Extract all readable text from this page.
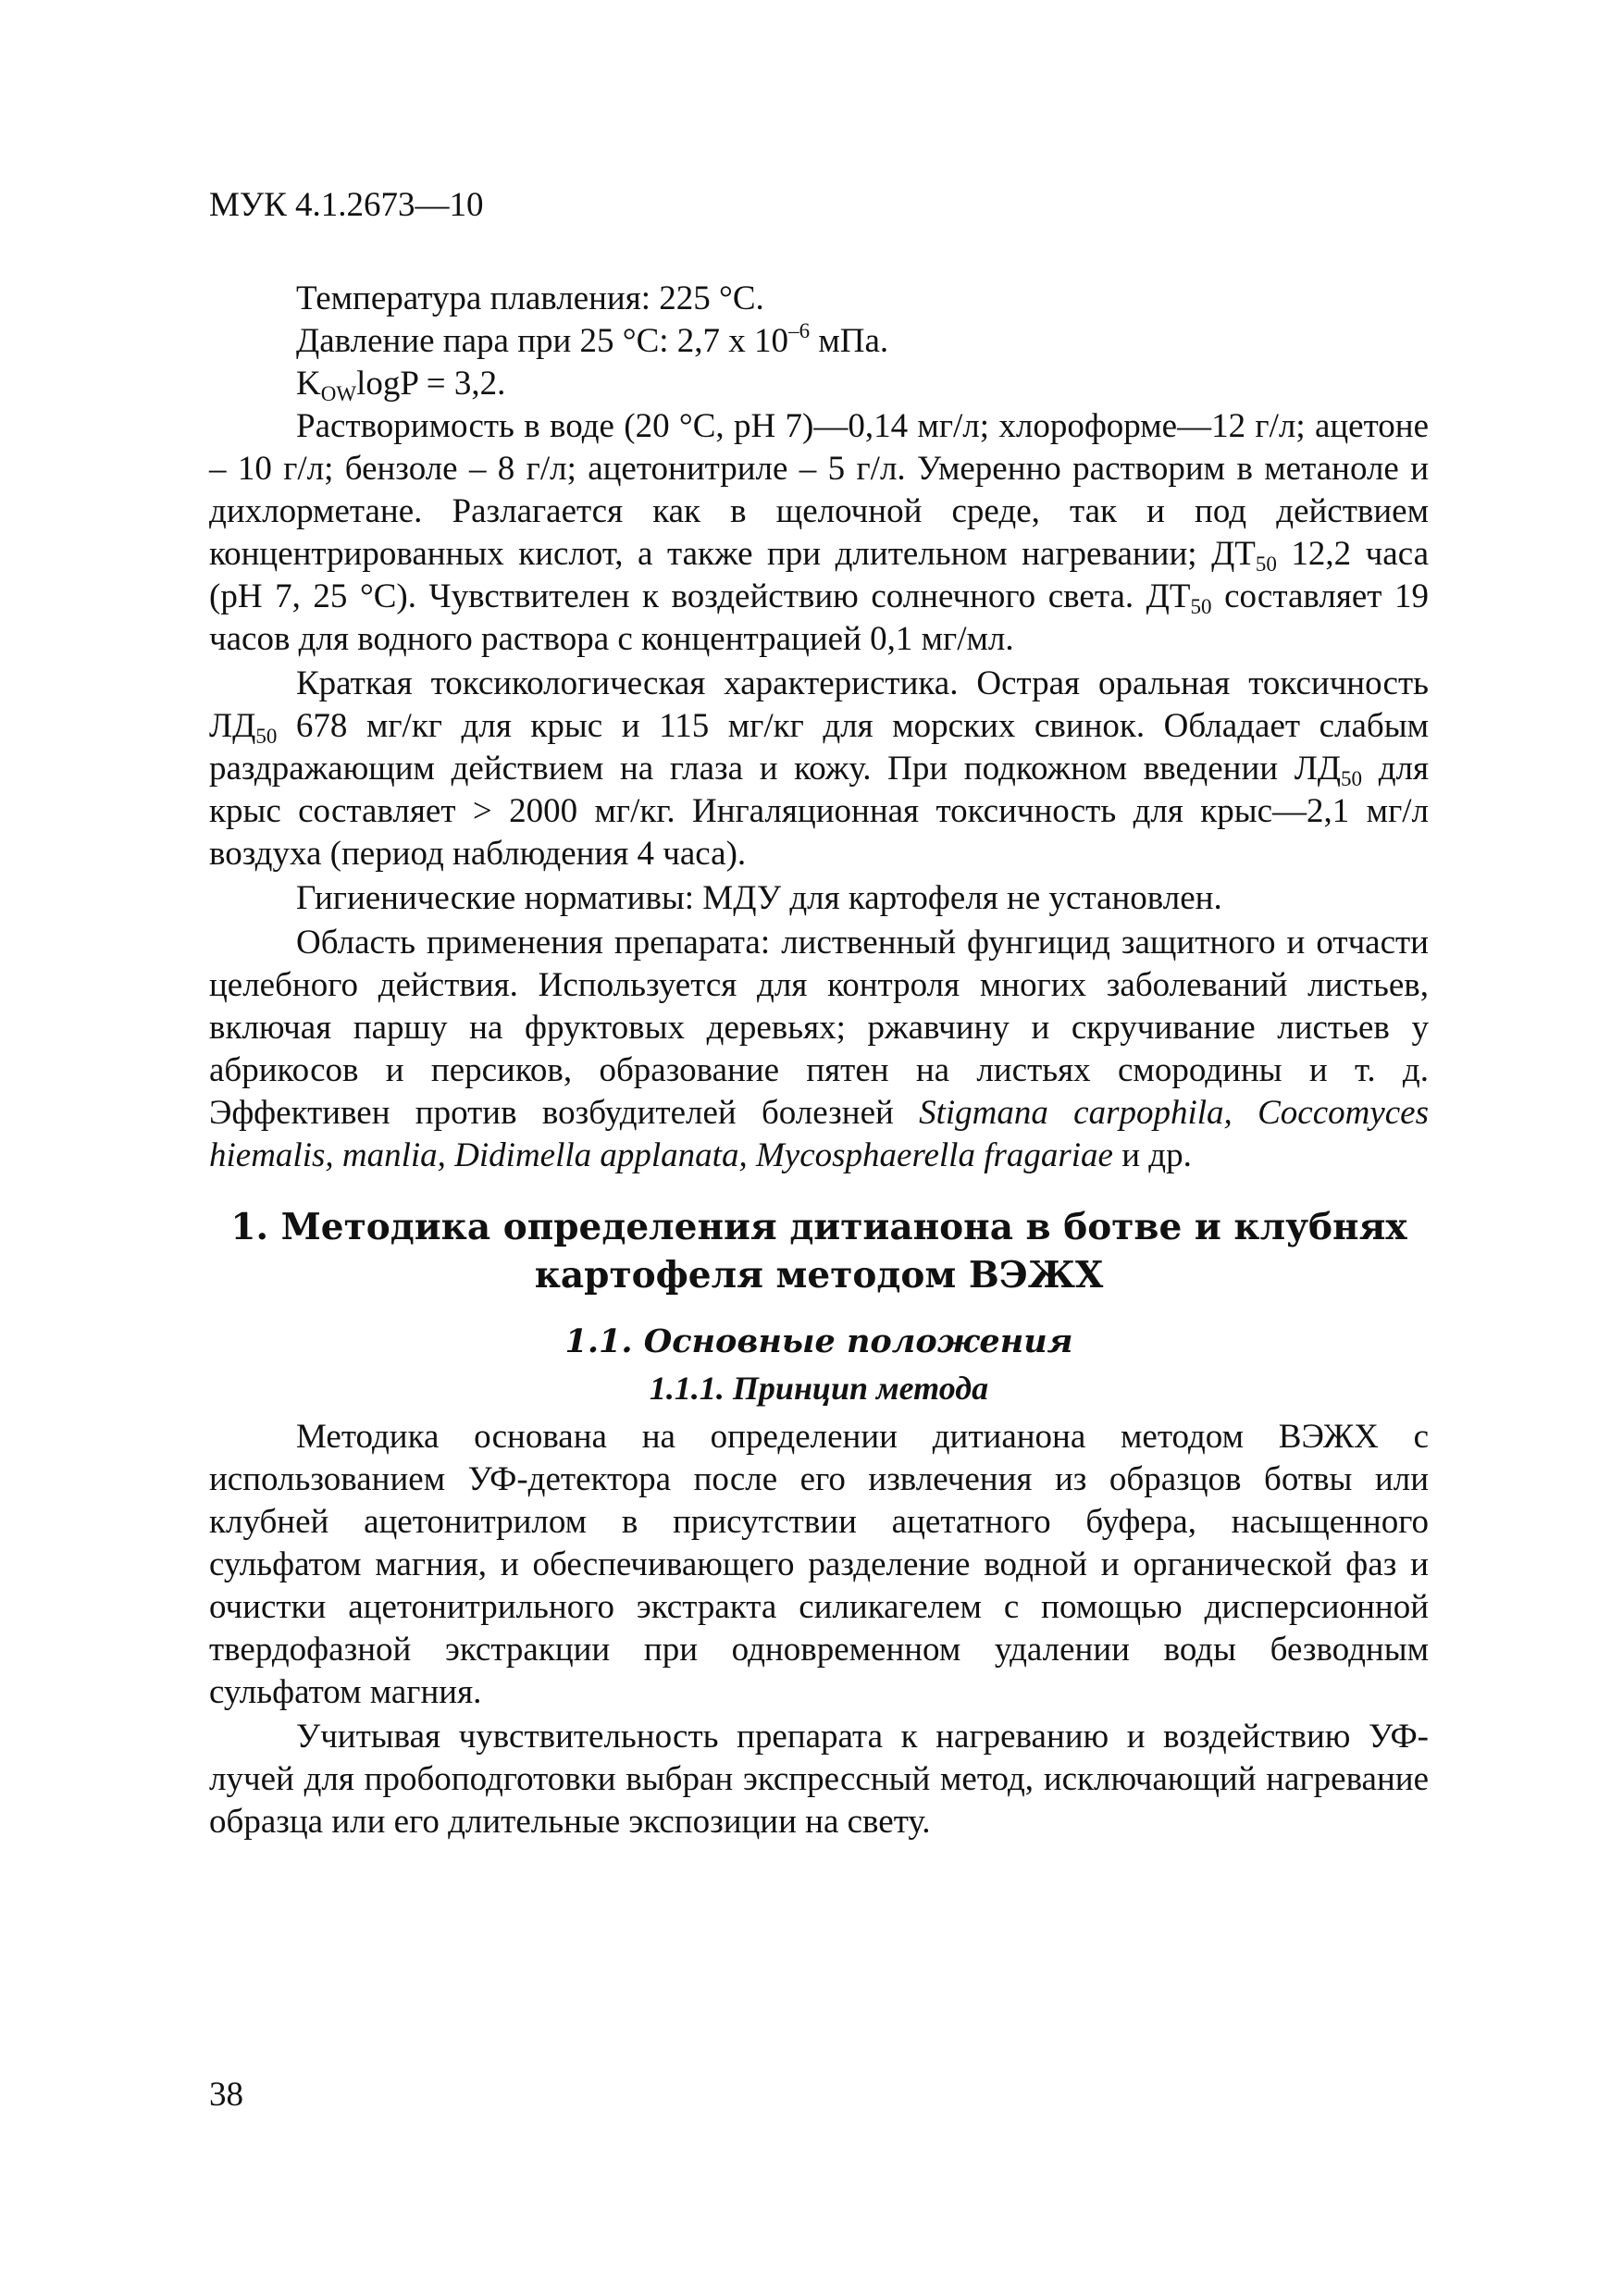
МУК 4.1.2673—10

Температура плавления: 225 °С.

Давление пара при 25 °С: 2,7 x $10^{-6}$ мПа.

$K_{OW}\log P = 3,2$.

Растворимость в воде (20 °С, рН 7)—0,14 мг/л; хлороформе—12 г/л; ацетоне – 10 г/л; бензоле – 8 г/л; ацетонитриле – 5 г/л. Умеренно растворим в метаноле и дихлорметане. Разлагается как в щелочной среде, так и под действием концентрированных кислот, а также при длительном нагревании; $ДТ_{50}$ 12,2 часа (рН 7, 25 °С). Чувствителен к воздействию солнечного света. $ДТ_{50}$ составляет 19 часов для водного раствора с концентрацией 0,1 мг/мл.

Краткая токсикологическая характеристика. Острая оральная токсичность $ЛД_{50}$ 678 мг/кг для крыс и 115 мг/кг для морских свинок. Обладает слабым раздражающим действием на глаза и кожу. При подкожном введении $ЛД_{50}$ для крыс составляет > 2000 мг/кг. Ингаляционная токсичность для крыс—2,1 мг/л воздуха (период наблюдения 4 часа).

Гигиенические нормативы: МДУ для картофеля не установлен.

Область применения препарата: лиственный фунгицид защитного и отчасти целебного действия. Используется для контроля многих заболеваний листьев, включая паршу на фруктовых деревьях; ржавчину и скручивание листьев у абрикосов и персиков, образование пятен на листьях смородины и т. д. Эффективен против возбудителей болезней Stigmana carpophila, Coccomyces hiemalis, manlia, Didimella applanata, Mycosphaerella fragariae и др.

1. Методика определения дитианона в ботве и клубнях
картофеля методом ВЭЖХ
1.1. Основные положения
1.1.1. Принцип метода

Методика основана на определении дитианона методом ВЭЖХ с использованием УФ-детектора после его извлечения из образцов ботвы или клубней ацетонитрилом в присутствии ацетатного буфера, насыщенного сульфатом магния, и обеспечивающего разделение водной и органической фаз и очистки ацетонитрильного экстракта силикагелем с помощью дисперсионной твердофазной экстракции при одновременном удалении воды безводным сульфатом магния.

Учитывая чувствительность препарата к нагреванию и воздействию УФ-лучей для пробоподготовки выбран экспрессный метод, исключающий нагревание образца или его длительные экспозиции на свету.

38
